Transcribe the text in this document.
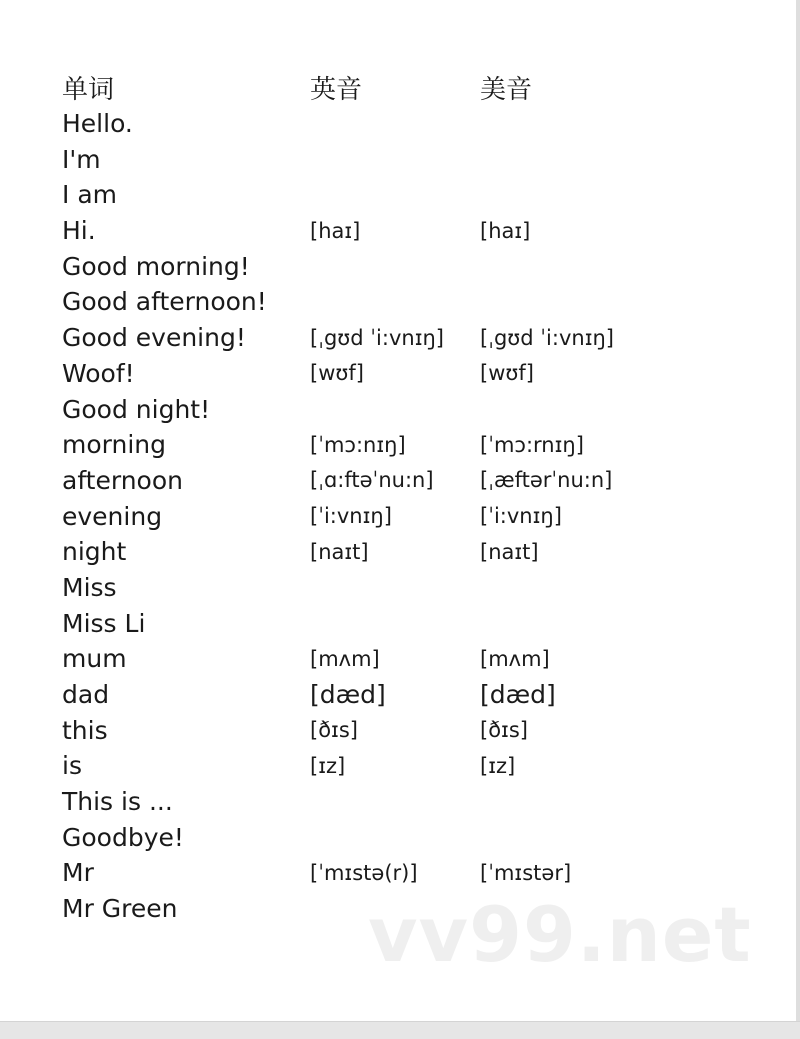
单词	英音	美音
Hello.
I'm
I am
Hi.	[haɪ]	[haɪ]
Good morning!
Good afternoon!
Good evening!	[ˌgʊd ˈi:vnɪŋ]	[ˌgʊd ˈi:vnɪŋ]
Woof!	[wʊf]	[wʊf]
Good night!
morning	[ˈmɔ:nɪŋ]	[ˈmɔ:rnɪŋ]
afternoon	[ˌɑ:ftəˈnu:n]	[ˌæftərˈnu:n]
evening	[ˈi:vnɪŋ]	[ˈi:vnɪŋ]
night	[naɪt]	[naɪt]
Miss
Miss Li
mum	[mʌm]	[mʌm]
dad	[dæd]	[dæd]
this	[ðɪs]	[ðɪs]
is	[ɪz]	[ɪz]
This is ...
Goodbye!
Mr	[ˈmɪstə(r)]	[ˈmɪstər]
Mr Green	vv99.net
